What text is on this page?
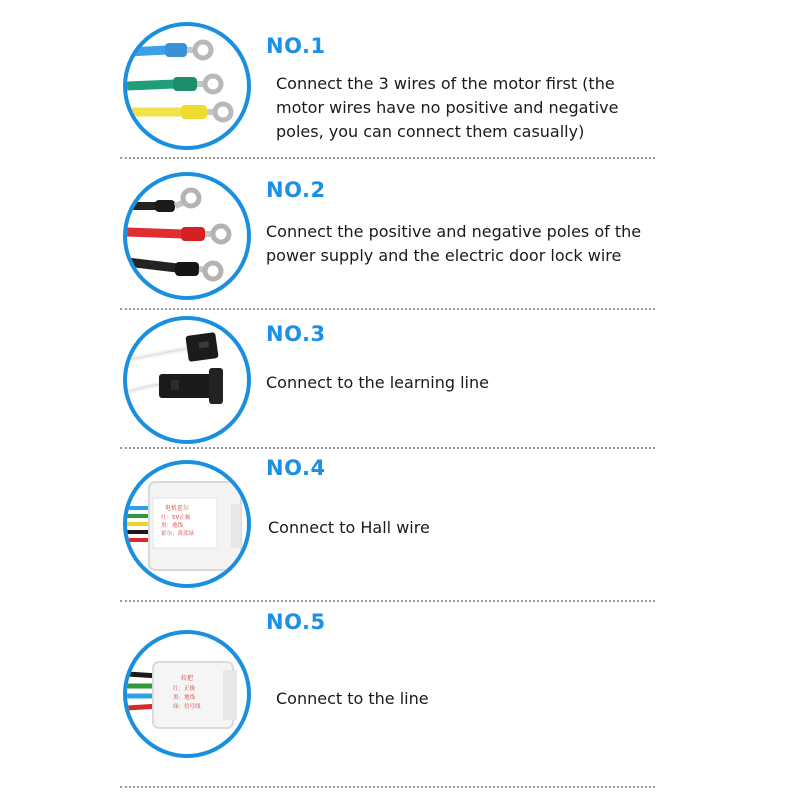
NO.1
Connect the 3 wires of the motor first (the
motor wires have no positive and negative
poles, you can connect them casually)
NO.2
Connect the positive and negative poles of the
power supply and the electric door lock wire
NO.3
Connect to the learning line
电机霍尔
红：5V正极
黑：地线
霍尔：黄蓝绿
NO.4
Connect to Hall wire
转把
红：正极
黑：地线
绿：信号线
NO.5
Connect to the line
